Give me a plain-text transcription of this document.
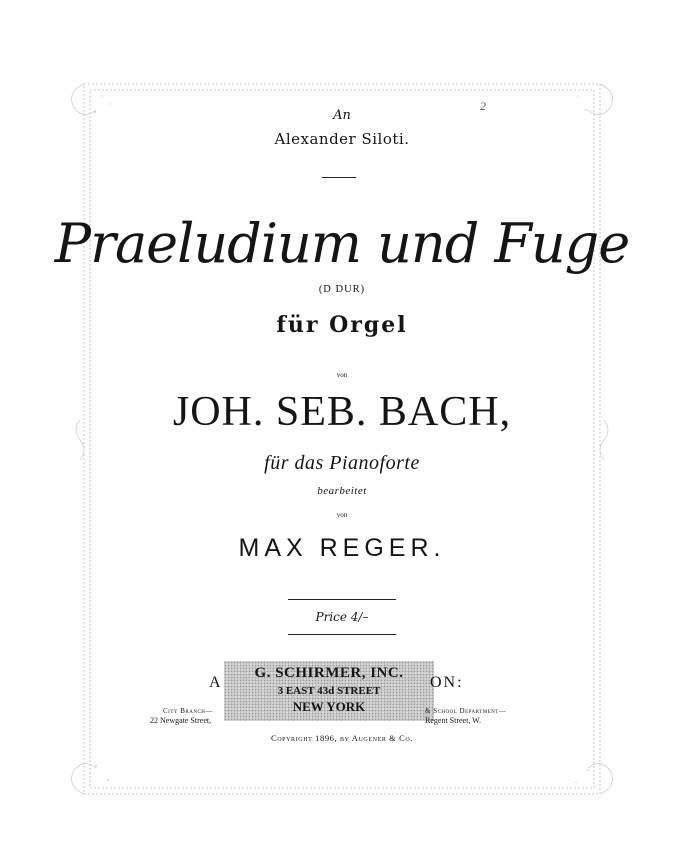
2
An
Alexander Siloti.
Praeludium und Fuge
(D DUR)
für Orgel
von
JOH. SEB. BACH,
für das Pianoforte
bearbeitet
von
MAX REGER.
Price 4/–
A
G. SCHIRMER, INC.
3 EAST 43d STREET
NEW YORK
ON:
City Branch—
22 Newgate Street,
& School Department—
Regent Street, W.
Copyright 1896, by Augener & Co.
